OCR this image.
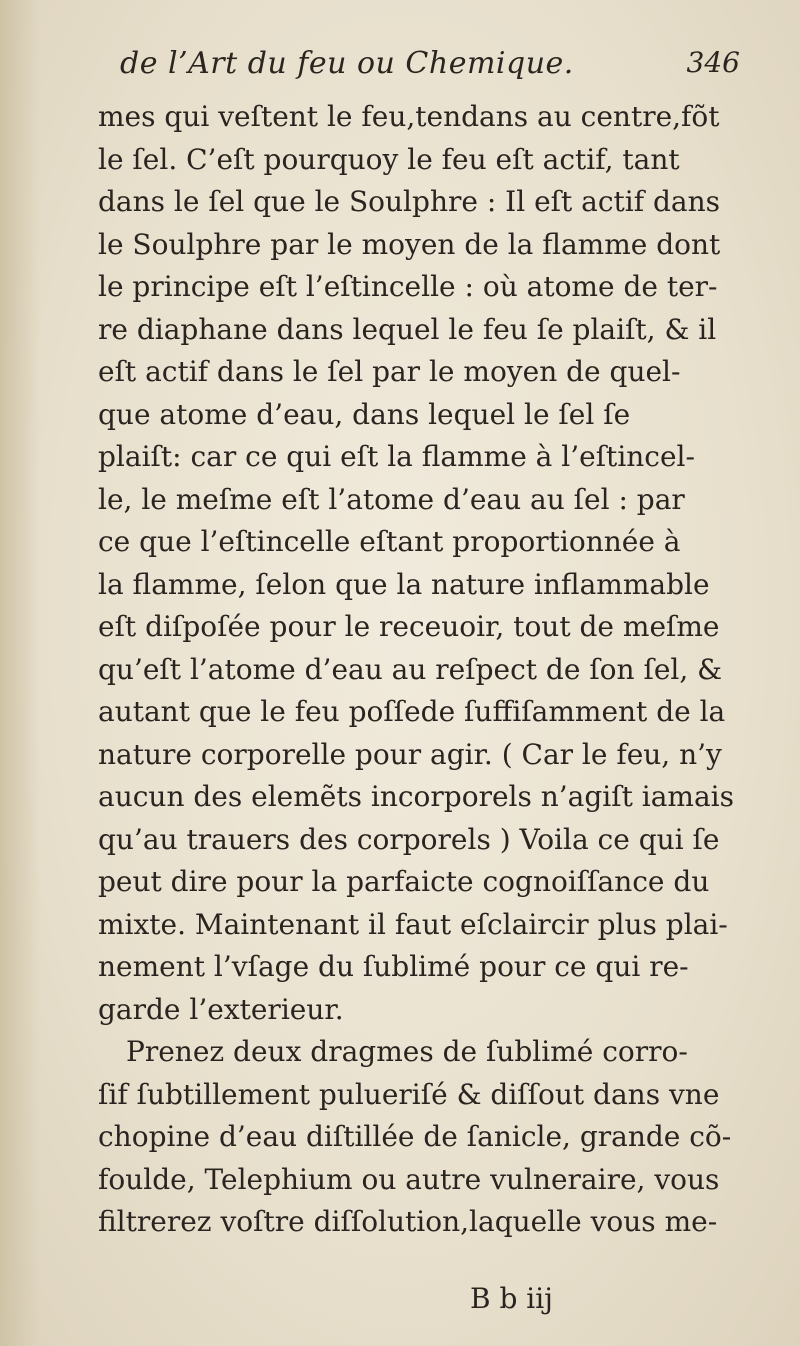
de l’Art du feu ou Chemique.	346
mes qui veſtent le feu,tendans au centre,fõt
le ſel. C’eſt pourquoy le feu eſt actif, tant
dans le ſel que le Soulphre : Il eſt actif dans
le Soulphre par le moyen de la flamme dont
le principe eſt l’eſtincelle : où atome de ter-
re diaphane dans lequel le feu ſe plaiſt, & il
eſt actif dans le ſel par le moyen de quel-
que atome d’eau, dans lequel le ſel ſe
plaiſt: car ce qui eſt la flamme à l’eſtincel-
le, le meſme eſt l’atome d’eau au ſel : par
ce que l’eſtincelle eſtant proportionnée à
la flamme, ſelon que la nature inflammable
eſt diſpoſée pour le receuoir, tout de meſme
qu’eſt l’atome d’eau au reſpect de ſon ſel, &
autant que le feu poſſede ſuffiſamment de la
nature corporelle pour agir. ( Car le feu, n’y
aucun des elemẽts incorporels n’agiſt iamais
qu’au trauers des corporels ) Voila ce qui ſe
peut dire pour la parfaicte cognoiſſance du
mixte. Maintenant il faut eſclaircir plus plai-
nement l’vſage du ſublimé pour ce qui re-
garde l’exterieur.
Prenez deux dragmes de ſublimé corro-
ſif ſubtillement pulueriſé & diſſout dans vne
chopine d’eau diſtillée de ſanicle, grande cõ-
foulde, Telephium ou autre vulneraire, vous
filtrerez voſtre diſſolution,laquelle vous me-
B b iij
